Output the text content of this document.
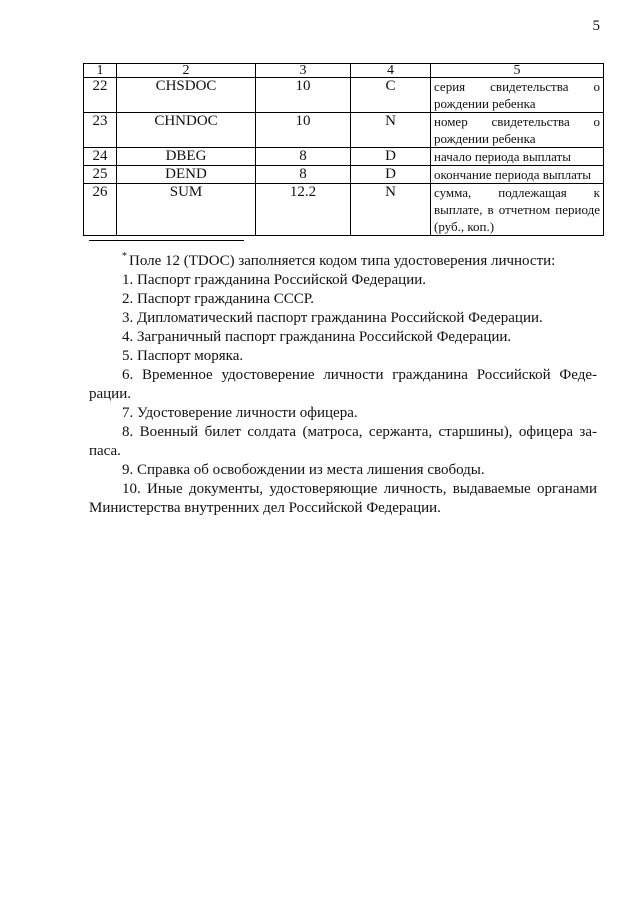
5
1	2	3	4	5
22	CHSDOC	10	C	серия свидетельства о рождении ребенка
23	CHNDOC	10	N	номер свидетельства о рождении ребенка
24	DBEG	8	D	начало периода выплаты
25	DEND	8	D	окончание периода выплаты
26	SUM	12.2	N	сумма, подлежащая к выплате, в отчетном периоде (руб., коп.)

* Поле 12 (TDOC) заполняется кодом типа удостоверения личности:

1. Паспорт гражданина Российской Федерации.

2. Паспорт гражданина СССР.

3. Дипломатический паспорт гражданина Российской Федерации.

4. Заграничный паспорт гражданина Российской Федерации.

5. Паспорт моряка.

6. Временное удостоверение личности гражданина Российской Федерации.

7. Удостоверение личности офицера.

8. Военный билет солдата (матроса, сержанта, старшины), офицера запаса.

9. Справка об освобождении из места лишения свободы.

10. Иные документы, удостоверяющие личность, выдаваемые органами Министерства внутренних дел Российской Федерации.
